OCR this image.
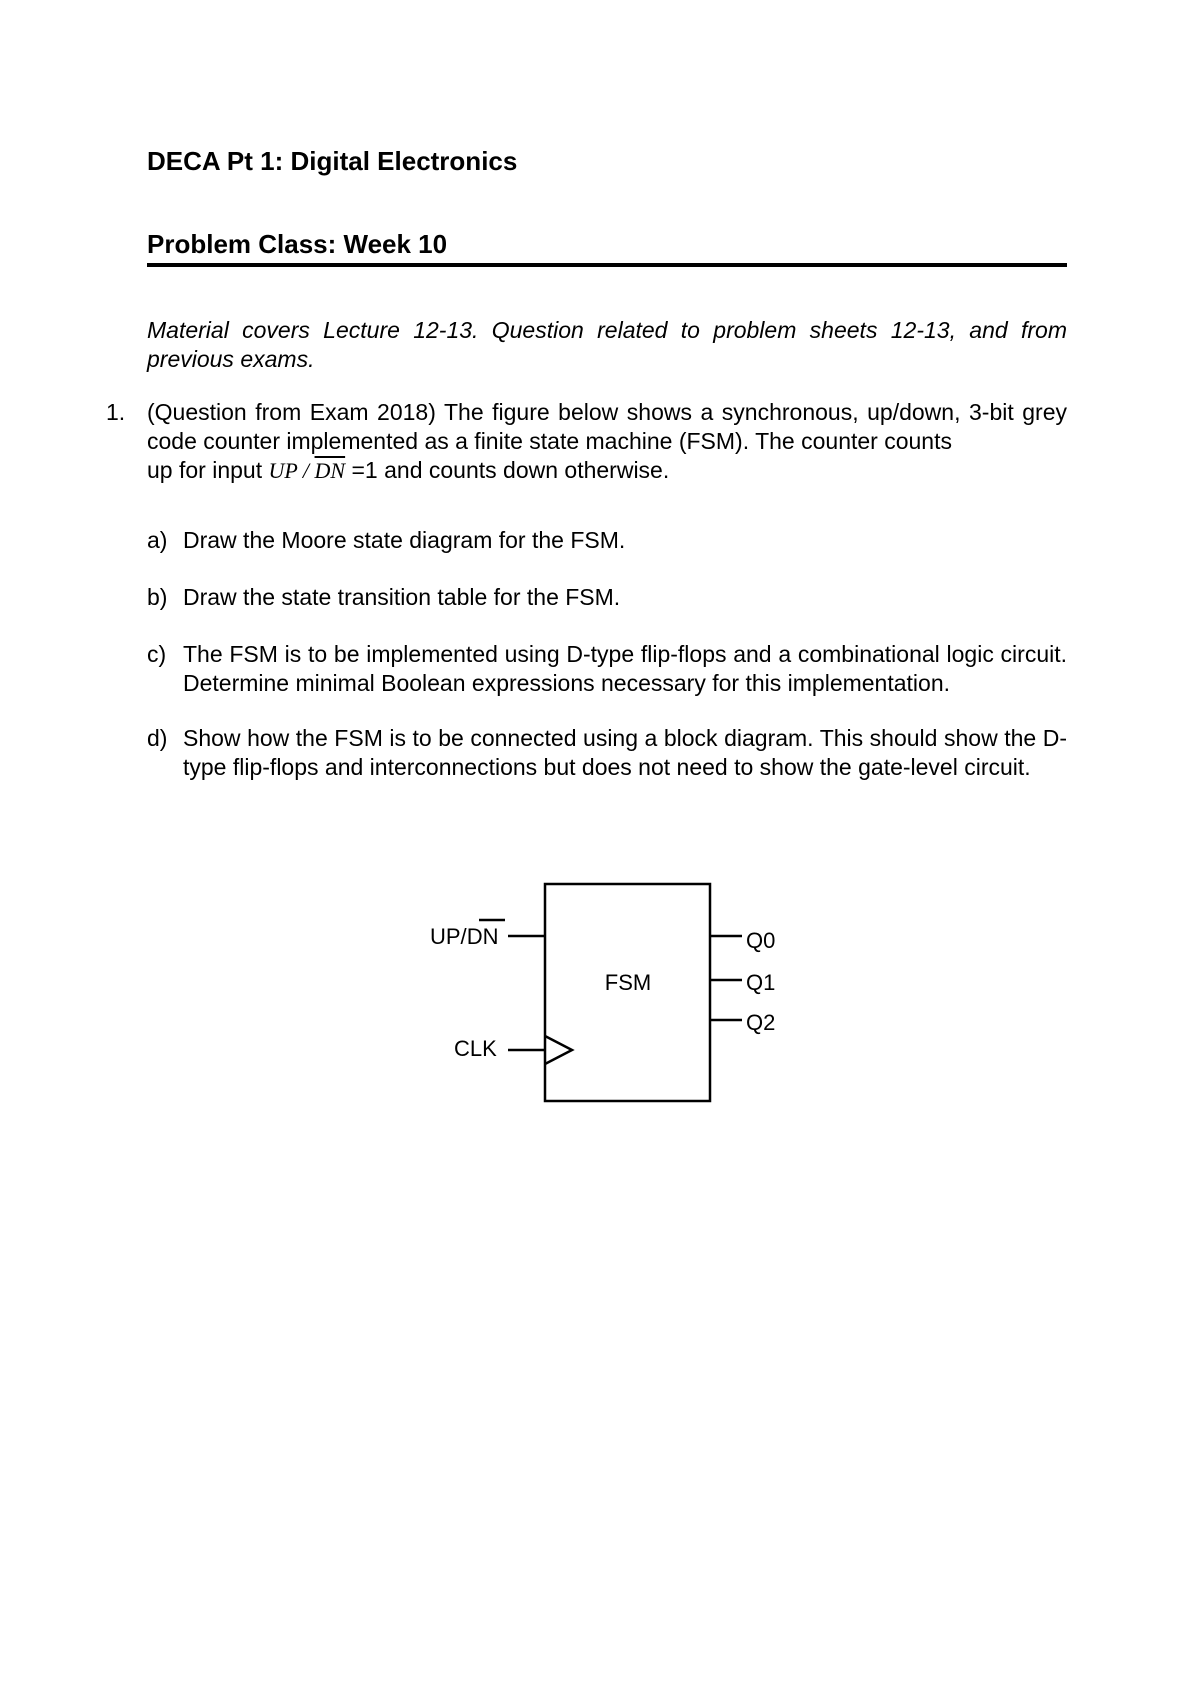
DECA Pt 1: Digital Electronics
Problem Class: Week 10

Material covers Lecture 12-13. Question related to problem sheets 12-13, and from previous exams.

1. (Question from Exam 2018) The figure below shows a synchronous, up/down, 3-bit grey code counter implemented as a finite state machine (FSM). The counter counts
up for input UP / $\overline{DN} =1$ and counts down otherwise.

a) Draw the Moore state diagram for the FSM.

b) Draw the state transition table for the FSM.

c) The FSM is to be implemented using D-type flip-flops and a combinational logic circuit. Determine minimal Boolean expressions necessary for this implementation.

d) Show how the FSM is to be connected using a block diagram. This should show the D-type flip-flops and interconnections but does not need to show the gate-level circuit.

FSM
UP/DN
CLK
Q0
Q1
Q2
